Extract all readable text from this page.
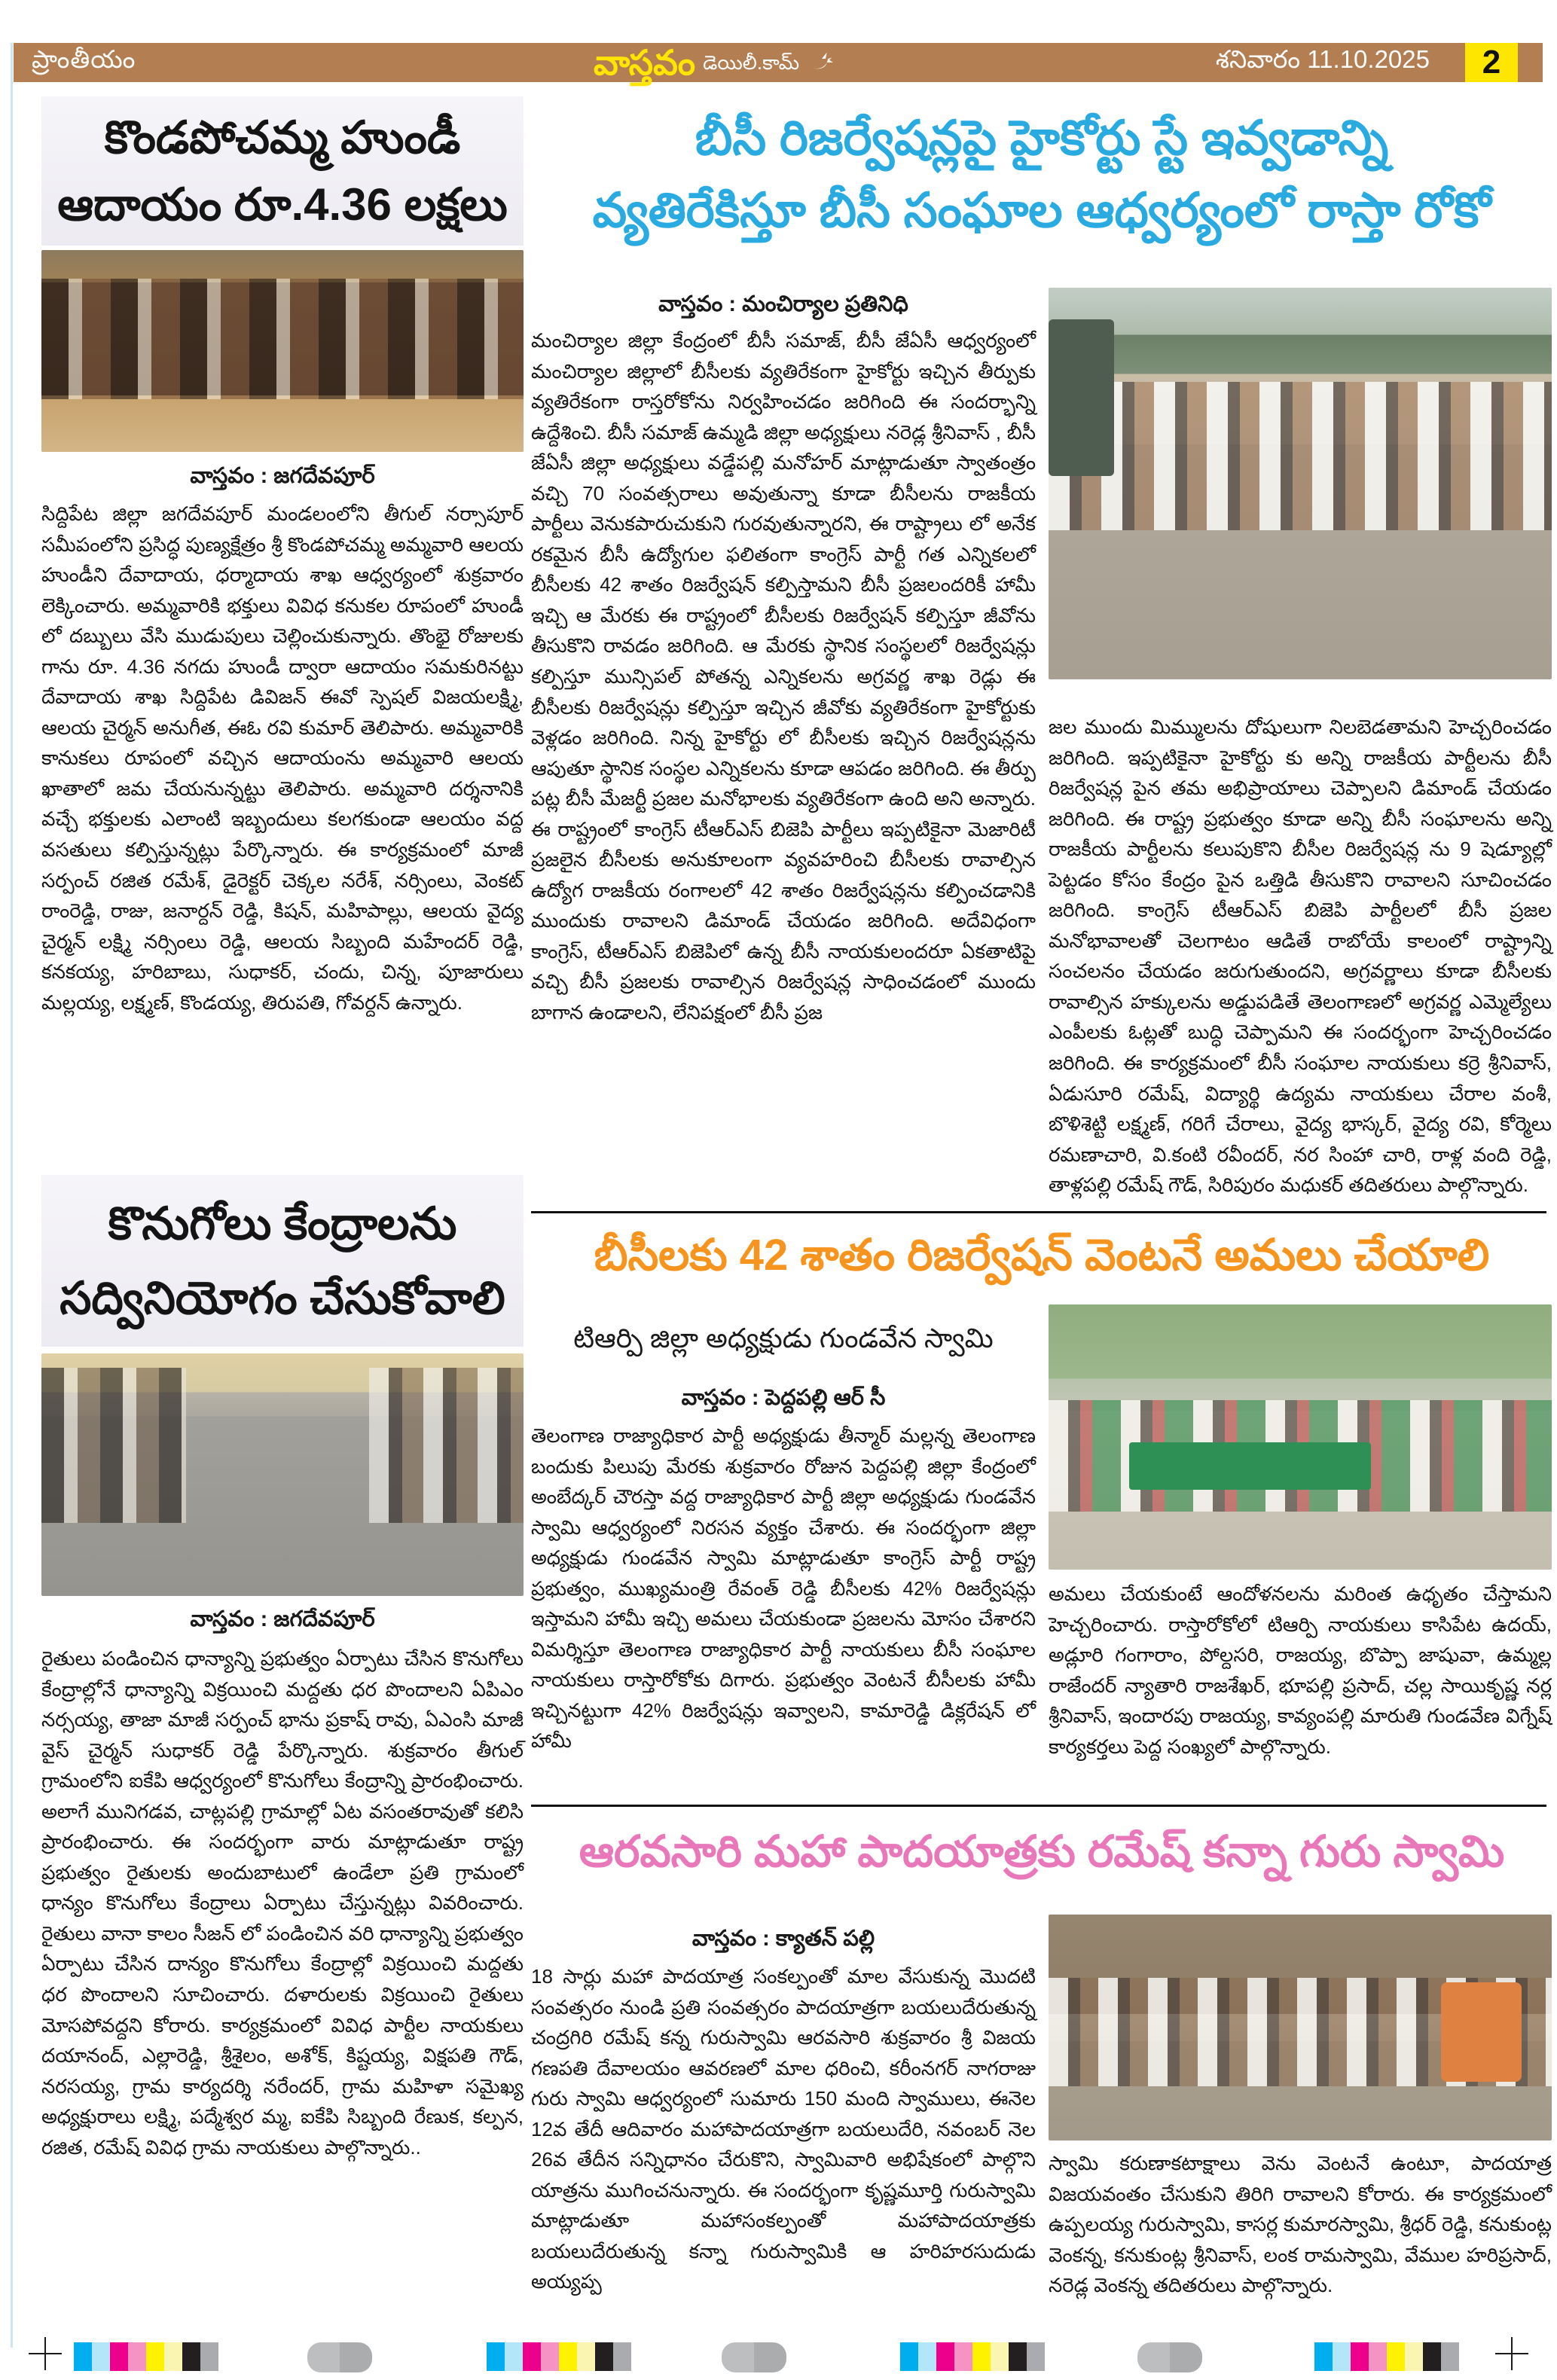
ప్రాంతీయం	వాస్తవం డెయిలీ.కామ్	శనివారం 11.10.2025	2
కొండపోచమ్మ హుండీ
ఆదాయం రూ.4.36 లక్షలు
వాస్తవం : జగదేవపూర్
సిద్దిపేట జిల్లా జగదేవపూర్ మండలంలోని తీగుల్ నర్సాపూర్ సమీపంలోని ప్రసిద్ధ పుణ్యక్షేత్రం శ్రీ కొండపోచమ్మ అమ్మవారి ఆలయ హుండీని దేవాదాయ, ధర్మాదాయ శాఖ ఆధ్వర్యంలో శుక్రవారం లెక్కించారు. అమ్మవారికి భక్తులు వివిధ కనుకల రూపంలో హుండీ లో దబ్బులు వేసి ముడుపులు చెల్లించుకున్నారు. తొంభై రోజులకు గాను రూ. 4.36 నగదు హుండీ ద్వారా ఆదాయం సమకురినట్టు దేవాదాయ శాఖ సిద్దిపేట డివిజన్ ఈవో స్పెషల్ విజయలక్ష్మి, ఆలయ చైర్మన్ అనుగీత, ఈఓ రవి కుమార్ తెలిపారు. అమ్మవారికి కానుకలు రూపంలో వచ్చిన ఆదాయంను అమ్మవారి ఆలయ ఖాతాలో జమ చేయనున్నట్టు తెలిపారు. అమ్మవారి దర్శనానికి వచ్చే భక్తులకు ఎలాంటి ఇబ్బందులు కలగకుండా ఆలయం వద్ద వసతులు కల్పిస్తున్నట్లు పేర్కొన్నారు. ఈ కార్యక్రమంలో మాజీ సర్పంచ్ రజిత రమేశ్, డైరెక్టర్ చెక్కల నరేశ్, నర్సింలు, వెంకట్ రాంరెడ్డి, రాజు, జనార్దన్ రెడ్డి, కిషన్, మహిపాల్లు, ఆలయ వైద్య చైర్మన్ లక్ష్మి నర్సింలు రెడ్డి, ఆలయ సిబ్బంది మహేందర్ రెడ్డి, కనకయ్య, హరిబాబు, సుధాకర్, చందు, చిన్న, పూజారులు మల్లయ్య, లక్ష్మణ్, కొండయ్య, తిరుపతి, గోవర్దన్ ఉన్నారు.
కొనుగోలు కేంద్రాలను
సద్వినియోగం చేసుకోవాలి
వాస్తవం : జగదేవపూర్
రైతులు పండించిన ధాన్యాన్ని ప్రభుత్వం ఏర్పాటు చేసిన కొనుగోలు కేంద్రాల్లోనే ధాన్యాన్ని విక్రయించి మద్దతు ధర పొందాలని ఏపిఎం నర్సయ్య, తాజా మాజీ సర్పంచ్ భాను ప్రకాష్ రావు, ఏఎంసి మాజీ వైస్ చైర్మన్ సుధాకర్ రెడ్డి పేర్కొన్నారు. శుక్రవారం తీగుల్ గ్రామంలోని ఐకేపి ఆధ్వర్యంలో కొనుగోలు కేంద్రాన్ని ప్రారంభించారు. అలాగే మునిగడవ, చాట్లపల్లి గ్రామాల్లో ఏట వసంతరావుతో కలిసి ప్రారంభించారు. ఈ సందర్భంగా వారు మాట్లాడుతూ రాష్ట్ర ప్రభుత్వం రైతులకు అందుబాటులో ఉండేలా ప్రతి గ్రామంలో ధాన్యం కొనుగోలు కేంద్రాలు ఏర్పాటు చేస్తున్నట్లు వివరించారు. రైతులు వానా కాలం సీజన్ లో పండించిన వరి ధాన్యాన్ని ప్రభుత్వం ఏర్పాటు చేసిన దాన్యం కొనుగోలు కేంద్రాల్లో విక్రయించి మద్దతు ధర పొందాలని సూచించారు. దళారులకు విక్రయించి రైతులు మోసపోవద్దని కోరారు. కార్యక్రమంలో వివిధ పార్టీల నాయకులు దయానంద్, ఎల్లారెడ్డి, శ్రీశైలం, అశోక్, కిష్టయ్య, విక్షపతి గౌడ్, నరసయ్య, గ్రామ కార్యదర్శి నరేందర్, గ్రామ మహిళా సమైఖ్య అధ్యక్షురాలు లక్ష్మి, పద్మేశ్వర మ్మ, ఐకేపి సిబ్బంది రేణుక, కల్పన, రజిత, రమేష్ వివిధ గ్రామ నాయకులు పాల్గొన్నారు..
బీసీ రిజర్వేషన్లపై హైకోర్టు స్టే ఇవ్వడాన్ని
వ్యతిరేకిస్తూ బీసీ సంఘాల ఆధ్వర్యంలో రాస్తా రోకో
వాస్తవం : మంచిర్యాల ప్రతినిధి
మంచిర్యాల జిల్లా కేంద్రంలో బీసీ సమాజ్, బీసీ జేఏసీ ఆధ్వర్యంలో మంచిర్యాల జిల్లాలో బీసీలకు వ్యతిరేకంగా హైకోర్టు ఇచ్చిన తీర్పుకు వ్యతిరేకంగా రాస్తరోకోను నిర్వహించడం జరిగింది ఈ సందర్భాన్ని ఉద్దేశించి. బీసీ సమాజ్ ఉమ్మడి జిల్లా అధ్యక్షులు నరెడ్ల శ్రీనివాస్ , బీసీ జేఏసీ జిల్లా అధ్యక్షులు వడ్డేపల్లి మనోహర్ మాట్లాడుతూ స్వాతంత్రం వచ్చి 70 సంవత్సరాలు అవుతున్నా కూడా బీసీలను రాజకీయ పార్టీలు వెనుకపారుచుకుని గురవుతున్నారని, ఈ రాష్ట్రాలు లో అనేక రకమైన బీసీ ఉద్యోగుల ఫలితంగా కాంగ్రెస్ పార్టీ గత ఎన్నికలలో బీసీలకు 42 శాతం రిజర్వేషన్ కల్పిస్తామని బీసీ ప్రజలందరికీ హామీ ఇచ్చి ఆ మేరకు ఈ రాష్ట్రంలో బీసీలకు రిజర్వేషన్ కల్పిస్తూ జీవోను తీసుకొని రావడం జరిగింది. ఆ మేరకు స్థానిక సంస్థలలో రిజర్వేషన్లు కల్పిస్తూ మున్సిపల్ పోతన్న ఎన్నికలను అగ్రవర్ణ శాఖ రెడ్లు ఈ బీసీలకు రిజర్వేషన్లు కల్పిస్తూ ఇచ్చిన జీవోకు వ్యతిరేకంగా హైకోర్టుకు వెళ్లడం జరిగింది. నిన్న హైకోర్టు లో బీసీలకు ఇచ్చిన రిజర్వేషన్లను ఆపుతూ స్థానిక సంస్థల ఎన్నికలను కూడా ఆపడం జరిగింది. ఈ తీర్పు పట్ల బీసీ మేజర్టీ ప్రజల మనోభాలకు వ్యతిరేకంగా ఉంది అని అన్నారు. ఈ రాష్ట్రంలో కాంగ్రెస్ టీఆర్ఎస్ బిజెపి పార్టీలు ఇప్పటికైనా మెజారిటీ ప్రజలైన బీసీలకు అనుకూలంగా వ్యవహరించి బీసీలకు రావాల్సిన ఉద్యోగ రాజకీయ రంగాలలో 42 శాతం రిజర్వేషన్లను కల్పించడానికి ముందుకు రావాలని డిమాండ్ చేయడం జరిగింది. అదేవిధంగా కాంగ్రెస్, టీఆర్ఎస్ బిజెపిలో ఉన్న బీసీ నాయకులందరూ ఏకతాటిపై వచ్చి బీసీ ప్రజలకు రావాల్సిన రిజర్వేషన్ల సాధించడంలో ముందు బాగాన ఉండాలని, లేనిపక్షంలో బీసీ ప్రజ
జల ముందు మిమ్ములను దోషులుగా నిలబెడతామని హెచ్చరించడం జరిగింది. ఇప్పటికైనా హైకోర్టు కు అన్ని రాజకీయ పార్టీలను బీసీ రిజర్వేషన్ల పైన తమ అభిప్రాయాలు చెప్పాలని డిమాండ్ చేయడం జరిగింది. ఈ రాష్ట్ర ప్రభుత్వం కూడా అన్ని బీసీ సంఘాలను అన్ని రాజకీయ పార్టీలను కలుపుకొని బీసీల రిజర్వేషన్ల ను 9 షెడ్యూల్లో పెట్టడం కోసం కేంద్రం పైన ఒత్తిడి తీసుకొని రావాలని సూచించడం జరిగింది. కాంగ్రెస్ టీఆర్ఎస్ బిజెపి పార్టీలలో బీసీ ప్రజల మనోభావాలతో చెలగాటం ఆడితే రాబోయే కాలంలో రాష్ట్రాన్ని సంచలనం చేయడం జరుగుతుందని, అగ్రవర్ణాలు కూడా బీసీలకు రావాల్సిన హక్కులను అడ్డుపడితే తెలంగాణలో అగ్రవర్ణ ఎమ్మెల్యేలు ఎంపీలకు ఓట్లతో బుద్ధి చెప్పామని ఈ సందర్భంగా హెచ్చరించడం జరిగింది. ఈ కార్యక్రమంలో బీసీ సంఘాల నాయకులు కర్రె శ్రీనివాస్, ఏడుసూరి రమేష్, విద్యార్థి ఉద్యమ నాయకులు చేరాల వంశీ, బొళిశెట్టి లక్ష్మణ్, గరిగే చేరాలు, వైద్య భాస్కర్, వైద్య రవి, కోర్మెలు రమణాచారి, వి.కంటి రవీందర్, నర సింహా చారి, రాళ్ల వంది రెడ్డి, తాళ్లపల్లి రమేష్ గౌడ్, సిరిపురం మధుకర్ తదితరులు పాల్గొన్నారు.
బీసీలకు 42 శాతం రిజర్వేషన్ వెంటనే అమలు చేయాలి
టిఆర్పి జిల్లా అధ్యక్షుడు గుండవేన స్వామి
వాస్తవం : పెద్దపల్లి ఆర్ సీ
తెలంగాణ రాజ్యాధికార పార్టీ అధ్యక్షుడు తీన్మార్ మల్లన్న తెలంగాణ బందుకు పిలుపు మేరకు శుక్రవారం రోజున పెద్దపల్లి జిల్లా కేంద్రంలో అంబేద్కర్ చౌరస్తా వద్ద రాజ్యాధికార పార్టీ జిల్లా అధ్యక్షుడు గుండవేన స్వామి ఆధ్వర్యంలో నిరసన వ్యక్తం చేశారు. ఈ సందర్భంగా జిల్లా అధ్యక్షుడు గుండవేన స్వామి మాట్లాడుతూ కాంగ్రెస్ పార్టీ రాష్ట్ర ప్రభుత్వం, ముఖ్యమంత్రి రేవంత్ రెడ్డి బీసీలకు 42% రిజర్వేషన్లు ఇస్తామని హామీ ఇచ్చి అమలు చేయకుండా ప్రజలను మోసం చేశారని విమర్శిస్తూ తెలంగాణ రాజ్యాధికార పార్టీ నాయకులు బీసీ సంఘాల నాయకులు రాస్తారోకోకు దిగారు. ప్రభుత్వం వెంటనే బీసీలకు హామీ ఇచ్చినట్టుగా 42% రిజర్వేషన్లు ఇవ్వాలని, కామారెడ్డి డిక్లరేషన్ లో హామీ
అమలు చేయకుంటే ఆందోళనలను మరింత ఉధృతం చేస్తామని హెచ్చరించారు. రాస్తారోకోలో టిఆర్పి నాయకులు కాసిపేట ఉదయ్, అడ్లూరి గంగారాం, పోల్దసరి, రాజయ్య, బొప్పా జాషువా, ఉమ్మల్ల రాజేందర్ న్యాతారి రాజశేఖర్, భూపల్లి ప్రసాద్, చల్ల సాయికృష్ణ నర్ల శ్రీనివాస్, ఇందారపు రాజయ్య, కావ్యంపల్లి మారుతి గుండవేణ విగ్నేష్ కార్యకర్తలు పెద్ద సంఖ్యలో పాల్గొన్నారు.
ఆరవసారి మహా పాదయాత్రకు రమేష్ కన్నా గురు స్వామి
వాస్తవం : క్యాతన్ పల్లి
18 సార్లు మహా పాదయాత్ర సంకల్పంతో మాల వేసుకున్న మొదటి సంవత్సరం నుండి ప్రతి సంవత్సరం పాదయాత్రగా బయలుదేరుతున్న చంద్రగిరి రమేష్ కన్న గురుస్వామి ఆరవసారి శుక్రవారం శ్రీ విజయ గణపతి దేవాలయం ఆవరణలో మాల ధరించి, కరీంనగర్ నాగరాజు గురు స్వామి ఆధ్వర్యంలో సుమారు 150 మంది స్వాములు, ఈనెల 12వ తేదీ ఆదివారం మహాపాదయాత్రగా బయలుదేరి, నవంబర్ నెల 26వ తేదీన సన్నిధానం చేరుకొని, స్వామివారి అభిషేకంలో పాల్గొని యాత్రను ముగించనున్నారు. ఈ సందర్భంగా కృష్ణమూర్తి గురుస్వామి మాట్లాడుతూ మహాసంకల్పంతో మహాపాదయాత్రకు బయలుదేరుతున్న కన్నా గురుస్వామికి ఆ హరిహరసుదుడు అయ్యప్ప
స్వామి కరుణాకటాక్షాలు వెను వెంటనే ఉంటూ, పాదయాత్ర విజయవంతం చేసుకుని తిరిగి రావాలని కోరారు. ఈ కార్యక్రమంలో ఉప్పలయ్య గురుస్వామి, కాసర్ల కుమారస్వామి, శ్రీధర్ రెడ్డి, కనుకుంట్ల వెంకన్న, కనుకుంట్ల శ్రీనివాస్, లంక రామస్వామి, వేముల హరిప్రసాద్, నరెడ్ల వెంకన్న తదితరులు పాల్గొన్నారు.
